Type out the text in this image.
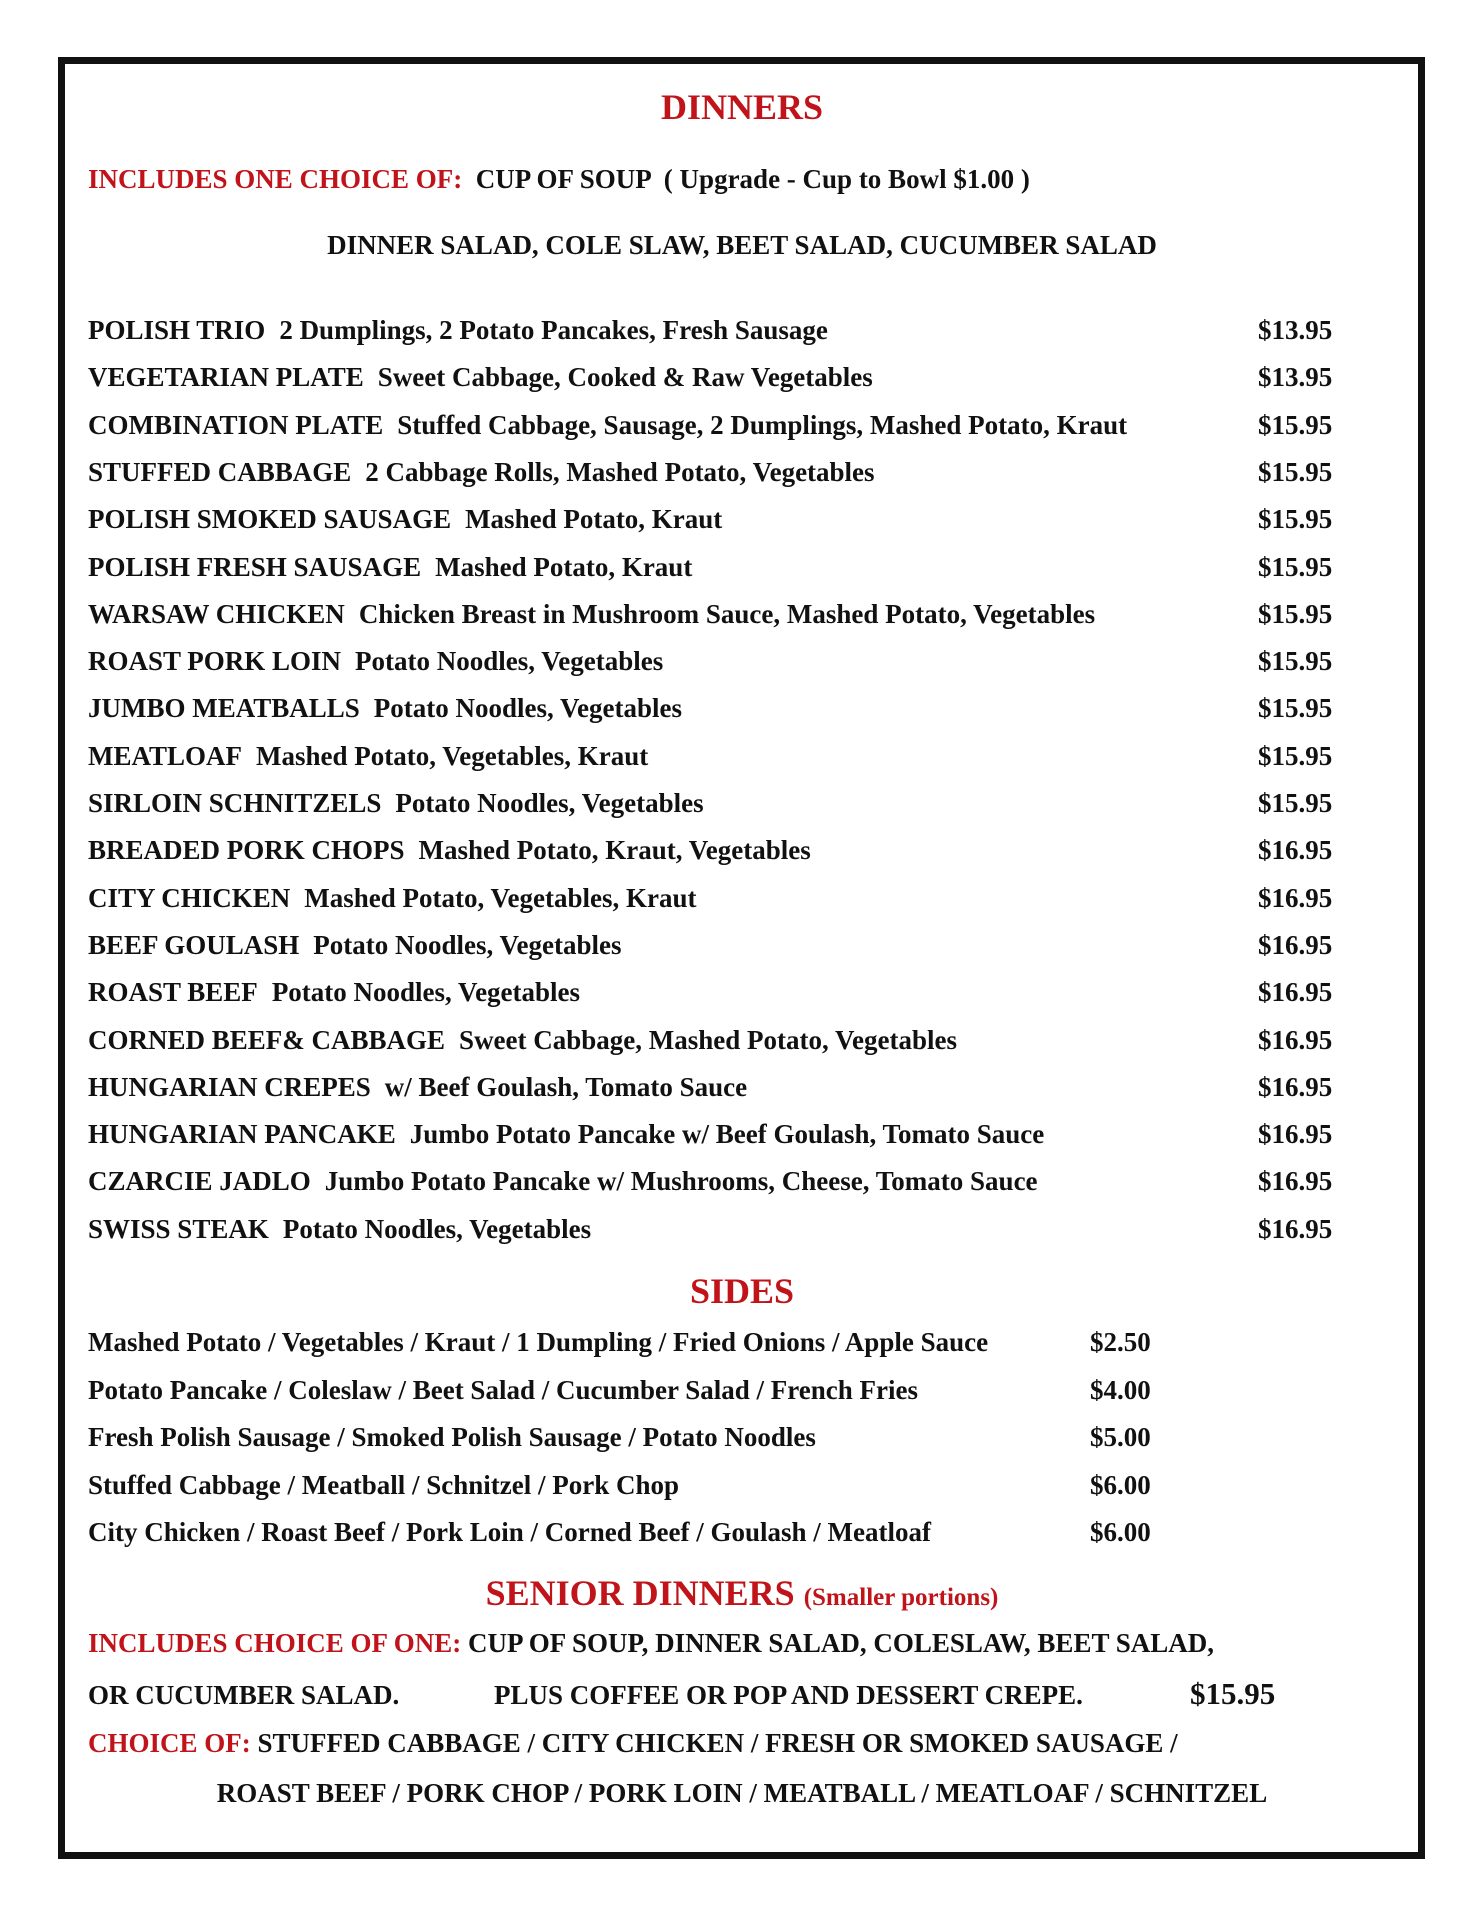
DINNERS
INCLUDES ONE CHOICE OF: CUP OF SOUP  ( Upgrade - Cup to Bowl $1.00 )
DINNER SALAD, COLE SLAW, BEET SALAD, CUCUMBER SALAD
POLISH TRIO 2 Dumplings, 2 Potato Pancakes, Fresh Sausage	$13.95
VEGETARIAN PLATE Sweet Cabbage, Cooked & Raw Vegetables	$13.95
COMBINATION PLATE Stuffed Cabbage, Sausage, 2 Dumplings, Mashed Potato, Kraut	$15.95
STUFFED CABBAGE 2 Cabbage Rolls, Mashed Potato, Vegetables	$15.95
POLISH SMOKED SAUSAGE Mashed Potato, Kraut	$15.95
POLISH FRESH SAUSAGE Mashed Potato, Kraut	$15.95
WARSAW CHICKEN Chicken Breast in Mushroom Sauce, Mashed Potato, Vegetables	$15.95
ROAST PORK LOIN Potato Noodles, Vegetables	$15.95
JUMBO MEATBALLS Potato Noodles, Vegetables	$15.95
MEATLOAF Mashed Potato, Vegetables, Kraut	$15.95
SIRLOIN SCHNITZELS Potato Noodles, Vegetables	$15.95
BREADED PORK CHOPS Mashed Potato, Kraut, Vegetables	$16.95
CITY CHICKEN Mashed Potato, Vegetables, Kraut	$16.95
BEEF GOULASH Potato Noodles, Vegetables	$16.95
ROAST BEEF Potato Noodles, Vegetables	$16.95
CORNED BEEF& CABBAGE Sweet Cabbage, Mashed Potato, Vegetables	$16.95
HUNGARIAN CREPES w/ Beef Goulash, Tomato Sauce	$16.95
HUNGARIAN PANCAKE Jumbo Potato Pancake w/ Beef Goulash, Tomato Sauce	$16.95
CZARCIE JADLO Jumbo Potato Pancake w/ Mushrooms, Cheese, Tomato Sauce	$16.95
SWISS STEAK Potato Noodles, Vegetables	$16.95
SIDES
Mashed Potato / Vegetables / Kraut / 1 Dumpling / Fried Onions / Apple Sauce	$2.50
Potato Pancake / Coleslaw / Beet Salad / Cucumber Salad / French Fries	$4.00
Fresh Polish Sausage / Smoked Polish Sausage / Potato Noodles	$5.00
Stuffed Cabbage / Meatball / Schnitzel / Pork Chop	$6.00
City Chicken / Roast Beef / Pork Loin / Corned Beef / Goulash / Meatloaf	$6.00
SENIOR DINNERS (Smaller portions)
INCLUDES CHOICE OF ONE: CUP OF SOUP, DINNER SALAD, COLESLAW, BEET SALAD,
OR CUCUMBER SALAD.	PLUS COFFEE OR POP AND DESSERT CREPE.	$15.95
CHOICE OF: STUFFED CABBAGE / CITY CHICKEN / FRESH OR SMOKED SAUSAGE /
ROAST BEEF / PORK CHOP / PORK LOIN / MEATBALL / MEATLOAF / SCHNITZEL
